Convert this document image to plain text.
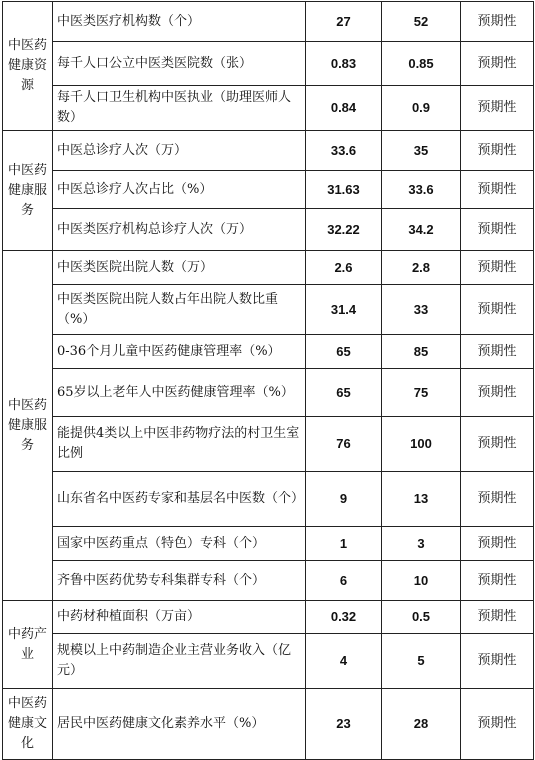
中医药健康资源	中医类医疗机构数（个）	27	52	预期性
	每千人口公立中医类医院数（张）	0.83	0.85	预期性
	每千人口卫生机构中医执业（助理医师人数）	0.84	0.9	预期性
中医药健康服务	中医总诊疗人次（万）	33.6	35	预期性
	中医总诊疗人次占比（%）	31.63	33.6	预期性
	中医类医疗机构总诊疗人次（万）	32.22	34.2	预期性
中医药健康服务	中医类医院出院人数（万）	2.6	2.8	预期性
	中医类医院出院人数占年出院人数比重（%）	31.4	33	预期性
	0-36个月儿童中医药健康管理率（%）	65	85	预期性
	65岁以上老年人中医药健康管理率（%）	65	75	预期性
	能提供4类以上中医非药物疗法的村卫生室比例	76	100	预期性
	山东省名中医药专家和基层名中医数（个）	9	13	预期性
	国家中医药重点（特色）专科（个）	1	3	预期性
	齐鲁中医药优势专科集群专科（个）	6	10	预期性
中药产业	中药材种植面积（万亩）	0.32	0.5	预期性
	规模以上中药制造企业主营业务收入（亿元）	4	5	预期性
中医药健康文化	居民中医药健康文化素养水平（%）	23	28	预期性
